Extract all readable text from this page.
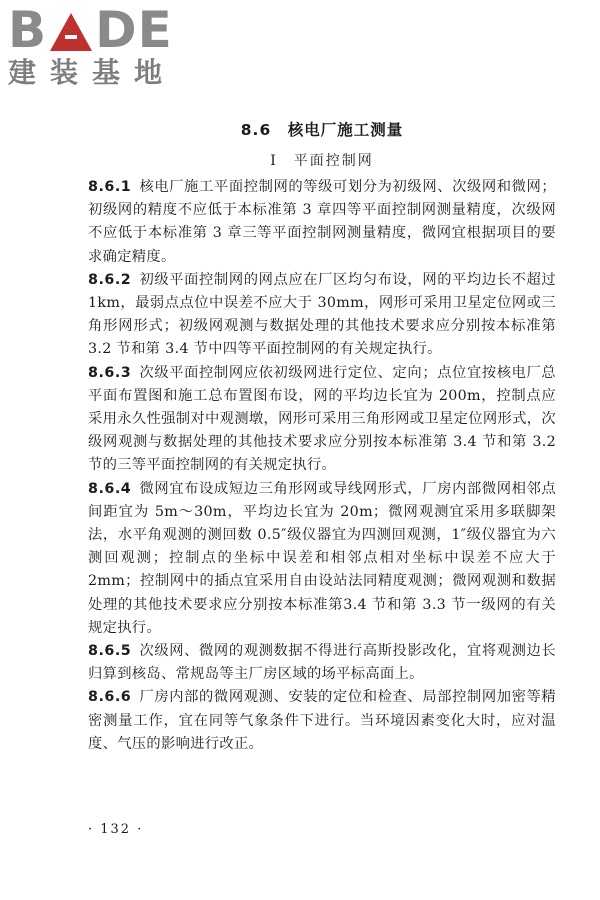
B DE
建装基地
8.6　核电厂施工测量
Ⅰ　平面控制网

8.6.1 核电厂施工平面控制网的等级可划分为初级网、次级网和微网；初级网的精度不应低于本标准第 3 章四等平面控制网测量精度，次级网不应低于本标准第 3 章三等平面控制网测量精度，微网宜根据项目的要求确定精度。

8.6.2 初级平面控制网的网点应在厂区均匀布设，网的平均边长不超过 1km，最弱点点位中误差不应大于 30mm，网形可采用卫星定位网或三角形网形式；初级网观测与数据处理的其他技术要求应分别按本标准第 3.2 节和第 3.4 节中四等平面控制网的有关规定执行。

8.6.3 次级平面控制网应依初级网进行定位、定向；点位宜按核电厂总平面布置图和施工总布置图布设，网的平均边长宜为 200m，控制点应采用永久性强制对中观测墩，网形可采用三角形网或卫星定位网形式，次级网观测与数据处理的其他技术要求应分别按本标准第 3.4 节和第 3.2 节的三等平面控制网的有关规定执行。

8.6.4 微网宜布设成短边三角形网或导线网形式，厂房内部微网相邻点间距宜为 5m～30m，平均边长宜为 20m；微网观测宜采用多联脚架法，水平角观测的测回数 0.5″级仪器宜为四测回观测，1″级仪器宜为六测回观测；控制点的坐标中误差和相邻点相对坐标中误差不应大于 2mm；控制网中的插点宜采用自由设站法同精度观测；微网观测和数据处理的其他技术要求应分别按本标准第3.4 节和第 3.3 节一级网的有关规定执行。

8.6.5 次级网、微网的观测数据不得进行高斯投影改化，宜将观测边长归算到核岛、常规岛等主厂房区域的场平标高面上。

8.6.6 厂房内部的微网观测、安装的定位和检查、局部控制网加密等精密测量工作，宜在同等气象条件下进行。当环境因素变化大时，应对温度、气压的影响进行改正。

· 132 ·
